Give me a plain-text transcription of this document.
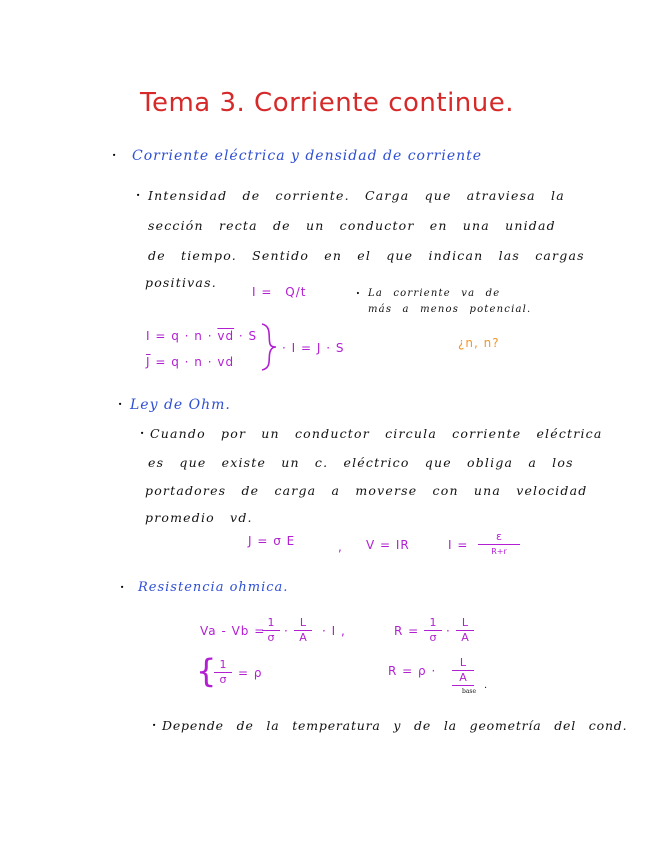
Tema 3. Corriente continue.
· Corriente eléctrica y densidad de corriente
· Intensidad de corriente. Carga que atraviesa la
sección recta de un conductor en una unidad
de tiempo. Sentido en el que indican las cargas
positivas.
I = Q/t	· La corriente va de
más a menos potencial.
$I = q \cdot n \cdot \overline{vd} \cdot S$
$\overline{J} = q \cdot n$ · vd
· I = J · S	¿n, n?
· Ley de Ohm.
· Cuando por un conductor circula corriente eléctrica
es que existe un c. eléctrico que obliga a los
portadores de carga a moverse con una velocidad
promedio vd.
J = σ E	, V = IR	I =
ε
R+r
· Resistencia ohmica.
Va - Vb =
$\frac{1}{\sigma} \cdot \frac{L}{A} \cdot I$ ,	$R = \frac{1}{\sigma} \cdot \frac{L}{A}$
{
$\frac{1}{\sigma} = \rho$	$R = \rho \cdot \frac{L}{A}$
base
.
· Depende de la temperatura y de la geometría del cond.
